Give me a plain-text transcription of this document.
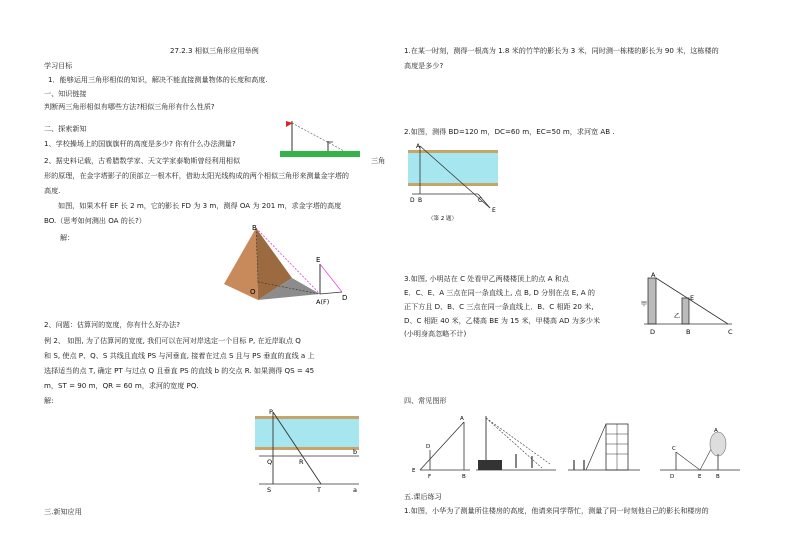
27.2.3 相似三角形应用举例
学习目标
1．能够运用三角形相似的知识，解决不能直接测量物体的长度和高度.
一、知识链接
判断两三角形相似有哪些方法?相似三角形有什么性质?
二、探索新知
1、学校操场上的国旗旗杆的高度是多少? 你有什么办法测量?
2、据史料记载，古希腊数学家、天文学家泰勒斯曾经利用相似	三角
形的原理，在金字塔影子的顶部立一根木杆，借助太阳光线构成的两个相似三角形来测量金字塔的
高度.
如图，如果木杆 EF 长 2 m，它的影长 FD 为 3 m，测得 OA 为 201 m，求金字塔的高度
BO.（思考如何测出 OA 的长?）
解：
B
O
A(F)
E
D
2、问题：估算河的宽度，你有什么好办法?
例 2、 如图, 为了估算河的宽度, 我们可以在河对岸选定一个目标 P, 在近岸取点 Q
和 S, 使点 P、Q、S 共线且直线 PS 与河垂直, 接着在过点 S 且与 PS 垂直的直线 a 上
选择适当的点 T, 确定 PT 与过点 Q 且垂直 PS 的直线 b 的交点 R. 如果测得 QS = 45
m，ST = 90 m，QR = 60 m，求河的宽度 PQ.
解:
P
Q	R
b
S	T	a
三.新知应用
1.在某一时刻，测得一根高为 1.8 米的竹竿的影长为 3 米，同时测一栋楼的影长为 90 米，这栋楼的
高度是多少?
2.如图，测得 BD=120 m，DC=60 m，EC=50 m，求河宽 AB .
A
B	C
D
E
（第 2 题）
3.如图, 小明站在 C 处看甲乙两楼楼顶上的点 A 和点
E．C、E、A 三点在同一条直线上, 点 B, D 分别在点 E, A 的
正下方且 D、B、C 三点在同一条直线上．B、C 相距 20 米,
D、C 相距 40 米，乙楼高 BE 为 15 米，甲楼高 AD 为多少米
(小明身高忽略不计)
A
B	C
D
E
甲
乙
四、常见图形
A
E
F	B
D	C
D	E
A
B
五.课后练习
1.如图，小华为了测量所住楼房的高度，他请来同学帮忙，测量了同一时刻他自己的影长和楼房的
